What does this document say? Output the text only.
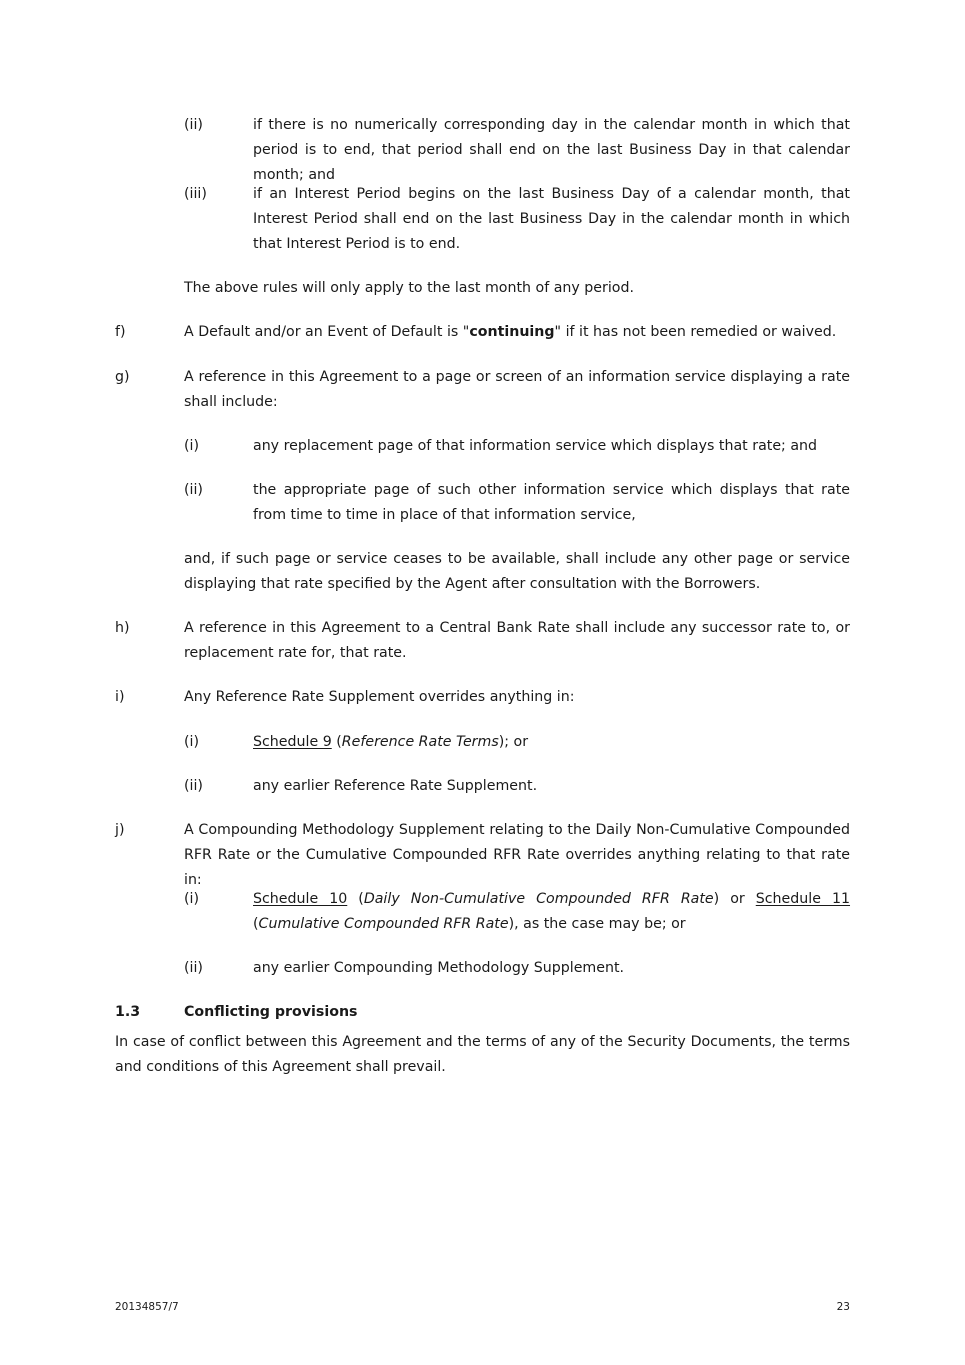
(ii)	if there is no numerically corresponding day in the calendar month in which that period is to end, that period shall end on the last Business Day in that calendar month; and
(iii)	if an Interest Period begins on the last Business Day of a calendar month, that Interest Period shall end on the last Business Day in the calendar month in which that Interest Period is to end.
The above rules will only apply to the last month of any period.
f)	A Default and/or an Event of Default is "continuing" if it has not been remedied or waived.
g)	A reference in this Agreement to a page or screen of an information service displaying a rate shall include:
(i)	any replacement page of that information service which displays that rate; and
(ii)	the appropriate page of such other information service which displays that rate from time to time in place of that information service,
and, if such page or service ceases to be available, shall include any other page or service displaying that rate specified by the Agent after consultation with the Borrowers.
h)	A reference in this Agreement to a Central Bank Rate shall include any successor rate to, or replacement rate for, that rate.
i)	Any Reference Rate Supplement overrides anything in:
(i)	Schedule 9 (Reference Rate Terms); or
(ii)	any earlier Reference Rate Supplement.
j)	A Compounding Methodology Supplement relating to the Daily Non-Cumulative Compounded RFR Rate or the Cumulative Compounded RFR Rate overrides anything relating to that rate in:
(i)	Schedule 10 (Daily Non-Cumulative Compounded RFR Rate) or Schedule 11 (Cumulative Compounded RFR Rate), as the case may be; or
(ii)	any earlier Compounding Methodology Supplement.
1.3	Conflicting provisions
In case of conflict between this Agreement and the terms of any of the Security Documents, the terms and conditions of this Agreement shall prevail.
20134857/7	23
